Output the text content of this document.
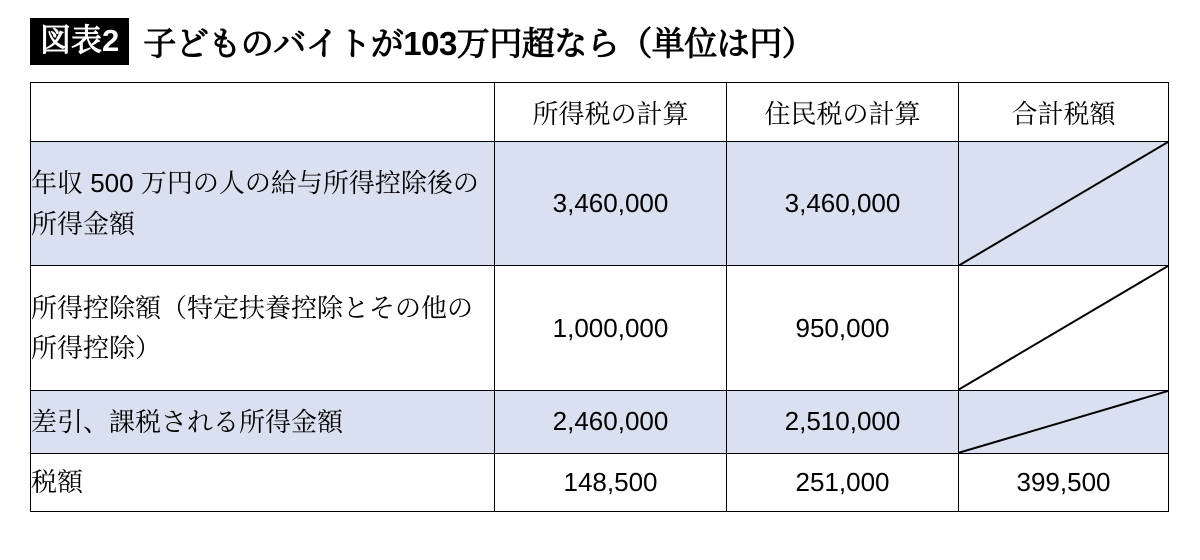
図表2 子どものバイトが103万円超なら（単位は円）
	所得税の計算	住民税の計算	合計税額
年収 500 万円の人の給与所得控除後の所得金額	3,460,000	3,460,000	

所得控除額（特定扶養控除とその他の所得控除）	1,000,000	950,000	

差引、課税される所得金額	2,460,000	2,510,000	

税額	148,500	251,000	399,500
